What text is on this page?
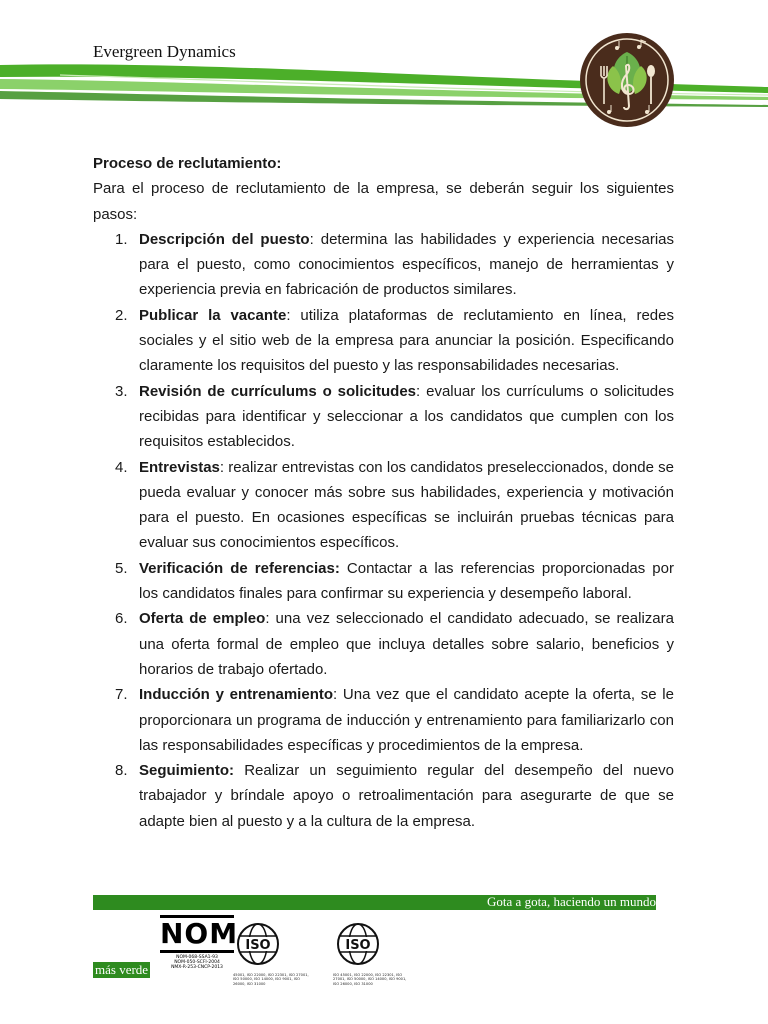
Evergreen Dynamics
Proceso de reclutamiento:

Para el proceso de reclutamiento de la empresa, se deberán seguir los siguientes pasos:

1. Descripción del puesto: determina las habilidades y experiencia necesarias para el puesto, como conocimientos específicos, manejo de herramientas y experiencia previa en fabricación de productos similares.
2. Publicar la vacante: utiliza plataformas de reclutamiento en línea, redes sociales y el sitio web de la empresa para anunciar la posición. Especificando claramente los requisitos del puesto y las responsabilidades necesarias.
3. Revisión de currículums o solicitudes: evaluar los currículums o solicitudes recibidas para identificar y seleccionar a los candidatos que cumplen con los requisitos establecidos.
4. Entrevistas: realizar entrevistas con los candidatos preseleccionados, donde se pueda evaluar y conocer más sobre sus habilidades, experiencia y motivación para el puesto. En ocasiones específicas se incluirán pruebas técnicas para evaluar sus conocimientos específicos.
5. Verificación de referencias: Contactar a las referencias proporcionadas por los candidatos finales para confirmar su experiencia y desempeño laboral.
6. Oferta de empleo: una vez seleccionado el candidato adecuado, se realizara una oferta formal de empleo que incluya detalles sobre salario, beneficios y horarios de trabajo ofertado.
7. Inducción y entrenamiento: Una vez que el candidato acepte la oferta, se le proporcionara un programa de inducción y entrenamiento para familiarizarlo con las responsabilidades específicas y procedimientos de la empresa.
8. Seguimiento: Realizar un seguimiento regular del desempeño del nuevo trabajador y bríndale apoyo o retroalimentación para asegurarte de que se adapte bien al puesto y a la cultura de la empresa.
Gota a gota, haciendo un mundo
más verde
NOM
NOM-068-SSA1-93
NOM-050-SCFI-2004
NMX-R-253-CNCP-2013
ISO
45001, ISO 22000, ISO 22301, ISO 27001, ISO 50000, ISO 14000, ISO 9001, ISO 26000, ISO 31000
ISO
ISO 45001, ISO 22000, ISO 22301, ISO 27001, ISO 50000, ISO 14000, ISO 9001, ISO 26000, ISO 31000
